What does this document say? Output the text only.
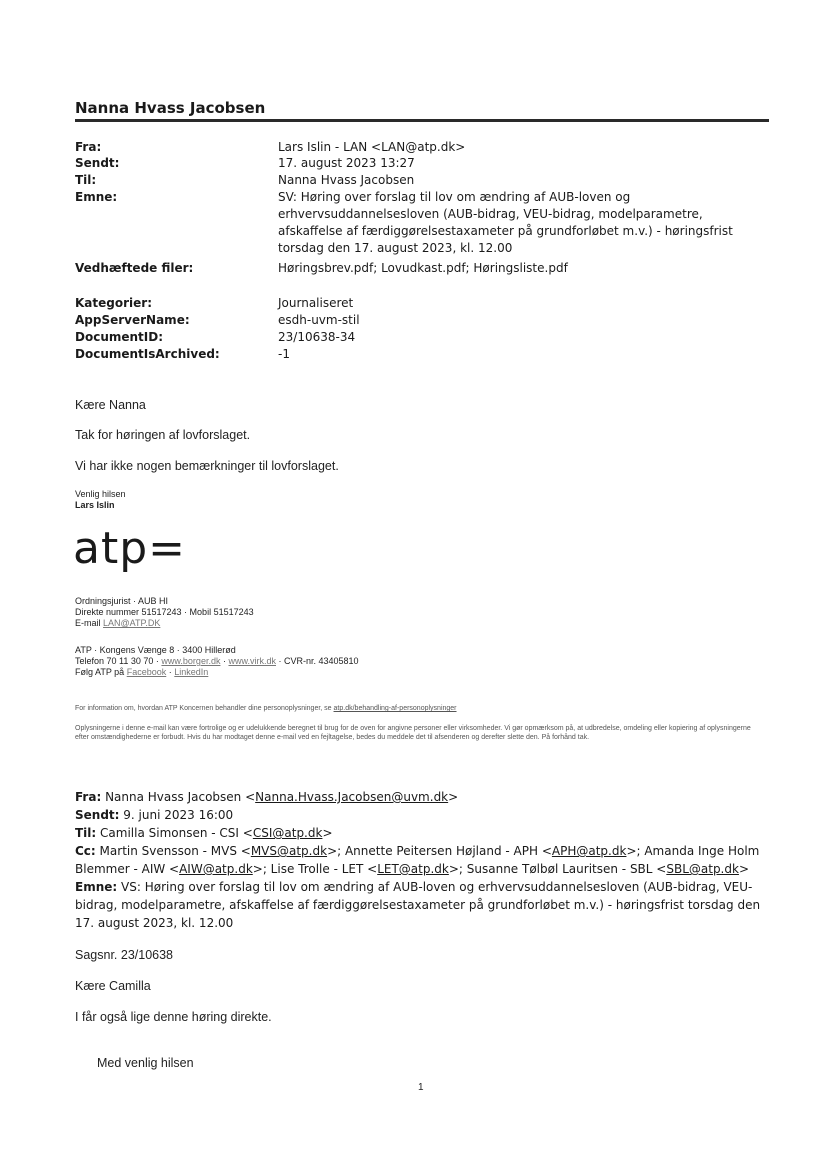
Nanna Hvass Jacobsen
Fra:	Lars Islin - LAN <LAN@atp.dk>
Sendt:	17. august 2023 13:27
Til:	Nanna Hvass Jacobsen
Emne:	SV: Høring over forslag til lov om ændring af AUB-loven og erhvervsuddannelsesloven (AUB-bidrag, VEU-bidrag, modelparametre, afskaffelse af færdiggørelsestaxameter på grundforløbet m.v.) - høringsfrist torsdag den 17. august 2023, kl. 12.00
Vedhæftede filer:	Høringsbrev.pdf; Lovudkast.pdf; Høringsliste.pdf
Kategorier:	Journaliseret
AppServerName:	esdh-uvm-stil
DocumentID:	23/10638-34
DocumentIsArchived:	-1
Kære Nanna
Tak for høringen af lovforslaget.
Vi har ikke nogen bemærkninger til lovforslaget.
Venlig hilsen
Lars Islin
atp=
Ordningsjurist · AUB HI
Direkte nummer 51517243 · Mobil 51517243
E-mail LAN@ATP.DK
ATP · Kongens Vænge 8 · 3400 Hillerød
Telefon 70 11 30 70 · www.borger.dk · www.virk.dk · CVR-nr. 43405810
Følg ATP på Facebook · LinkedIn
For information om, hvordan ATP Koncernen behandler dine personoplysninger, se atp.dk/behandling-af-personoplysninger
Oplysningerne i denne e-mail kan være fortrolige og er udelukkende beregnet til brug for de oven for angivne personer eller virksomheder. Vi gør opmærksom på, at udbredelse, omdeling eller kopiering af oplysningerne efter omstændighederne er forbudt. Hvis du har modtaget denne e-mail ved en fejltagelse, bedes du meddele det til afsenderen og derefter slette den. På forhånd tak.
Fra: Nanna Hvass Jacobsen <Nanna.Hvass.Jacobsen@uvm.dk>
Sendt: 9. juni 2023 16:00
Til: Camilla Simonsen - CSI <CSI@atp.dk>
Cc: Martin Svensson - MVS <MVS@atp.dk>; Annette Peitersen Højland - APH <APH@atp.dk>; Amanda Inge Holm Blemmer - AIW <AIW@atp.dk>; Lise Trolle - LET <LET@atp.dk>; Susanne Tølbøl Lauritsen - SBL <SBL@atp.dk>
Emne: VS: Høring over forslag til lov om ændring af AUB-loven og erhvervsuddannelsesloven (AUB-bidrag, VEU-bidrag, modelparametre, afskaffelse af færdiggørelsestaxameter på grundforløbet m.v.) - høringsfrist torsdag den 17. august 2023, kl. 12.00
Sagsnr. 23/10638
Kære Camilla
I får også lige denne høring direkte.
Med venlig hilsen
1
